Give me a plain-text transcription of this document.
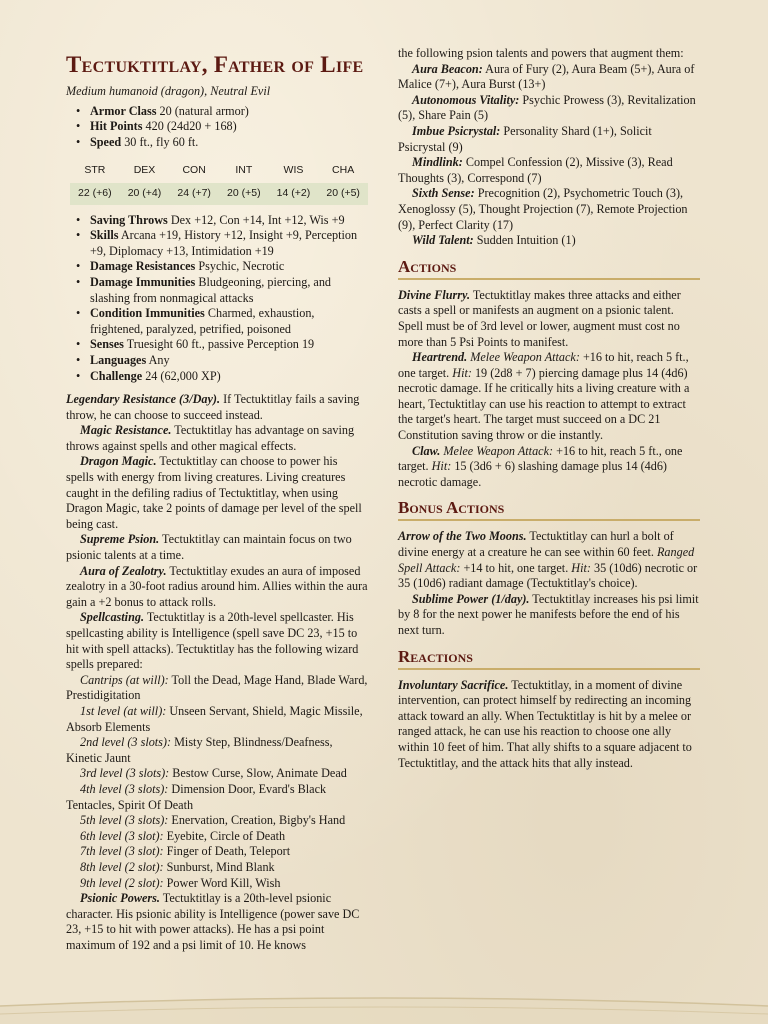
Tectuktitlay, Father of Life
Medium humanoid (dragon), Neutral Evil
• Armor Class 20 (natural armor)
• Hit Points 420 (24d20 + 168)
• Speed 30 ft., fly 60 ft.
STR	DEX	CON	INT	WIS	CHA
22 (+6)	20 (+4)	24 (+7)	20 (+5)	14 (+2)	20 (+5)
• Saving Throws Dex +12, Con +14, Int +12, Wis +9
• Skills Arcana +19, History +12, Insight +9, Perception +9, Diplomacy +13, Intimidation +19
• Damage Resistances Psychic, Necrotic
• Damage Immunities Bludgeoning, piercing, and slashing from nonmagical attacks
• Condition Immunities Charmed, exhaustion, frightened, paralyzed, petrified, poisoned
• Senses Truesight 60 ft., passive Perception 19
• Languages Any
• Challenge 24 (62,000 XP)

Legendary Resistance (3/Day). If Tectuktitlay fails a saving throw, he can choose to succeed instead.

Magic Resistance. Tectuktitlay has advantage on saving throws against spells and other magical effects.

Dragon Magic. Tectuktitlay can choose to power his spells with energy from living creatures. Living creatures caught in the defiling radius of Tectuktitlay, when using Dragon Magic, take 2 points of damage per level of the spell being cast.

Supreme Psion. Tectuktitlay can maintain focus on two psionic talents at a time.

Aura of Zealotry. Tectuktitlay exudes an aura of imposed zealotry in a 30-foot radius around him. Allies within the aura gain a +2 bonus to attack rolls.

Spellcasting. Tectuktitlay is a 20th-level spellcaster. His spellcasting ability is Intelligence (spell save DC 23, +15 to hit with spell attacks). Tectuktitlay has the following wizard spells prepared:

Cantrips (at will): Toll the Dead, Mage Hand, Blade Ward, Prestidigitation

1st level (at will): Unseen Servant, Shield, Magic Missile, Absorb Elements

2nd level (3 slots): Misty Step, Blindness/Deafness, Kinetic Jaunt

3rd level (3 slots): Bestow Curse, Slow, Animate Dead

4th level (3 slots): Dimension Door, Evard's Black Tentacles, Spirit Of Death

5th level (3 slots): Enervation, Creation, Bigby's Hand

6th level (3 slot): Eyebite, Circle of Death

7th level (3 slot): Finger of Death, Teleport

8th level (2 slot): Sunburst, Mind Blank

9th level (2 slot): Power Word Kill, Wish

Psionic Powers. Tectuktitlay is a 20th-level psionic character. His psionic ability is Intelligence (power save DC 23, +15 to hit with power attacks). He has a psi point maximum of 192 and a psi limit of 10. He knows

the following psion talents and powers that augment them:

Aura Beacon: Aura of Fury (2), Aura Beam (5+), Aura of Malice (7+), Aura Burst (13+)

Autonomous Vitality: Psychic Prowess (3), Revitalization (5), Share Pain (5)

Imbue Psicrystal: Personality Shard (1+), Solicit Psicrystal (9)

Mindlink: Compel Confession (2), Missive (3), Read Thoughts (3), Correspond (7)

Sixth Sense: Precognition (2), Psychometric Touch (3), Xenoglossy (5), Thought Projection (7), Remote Projection (9), Perfect Clarity (17)

Wild Talent: Sudden Intuition (1)

Actions

Divine Flurry. Tectuktitlay makes three attacks and either casts a spell or manifests an augment on a psionic talent. Spell must be of 3rd level or lower, augment must cost no more than 5 Psi Points to manifest.

Heartrend. Melee Weapon Attack: +16 to hit, reach 5 ft., one target. Hit: 19 (2d8 + 7) piercing damage plus 14 (4d6) necrotic damage. If he critically hits a living creature with a heart, Tectuktitlay can use his reaction to attempt to extract the target's heart. The target must succeed on a DC 21 Constitution saving throw or die instantly.

Claw. Melee Weapon Attack: +16 to hit, reach 5 ft., one target. Hit: 15 (3d6 + 6) slashing damage plus 14 (4d6) necrotic damage.

Bonus Actions

Arrow of the Two Moons. Tectuktitlay can hurl a bolt of divine energy at a creature he can see within 60 feet. Ranged Spell Attack: +14 to hit, one target. Hit: 35 (10d6) necrotic or 35 (10d6) radiant damage (Tectuktitlay's choice).

Sublime Power (1/day). Tectuktitlay increases his psi limit by 8 for the next power he manifests before the end of his next turn.

Reactions

Involuntary Sacrifice. Tectuktitlay, in a moment of divine intervention, can protect himself by redirecting an incoming attack toward an ally. When Tectuktitlay is hit by a melee or ranged attack, he can use his reaction to choose one ally within 10 feet of him. That ally shifts to a square adjacent to Tectuktitlay, and the attack hits that ally instead.
